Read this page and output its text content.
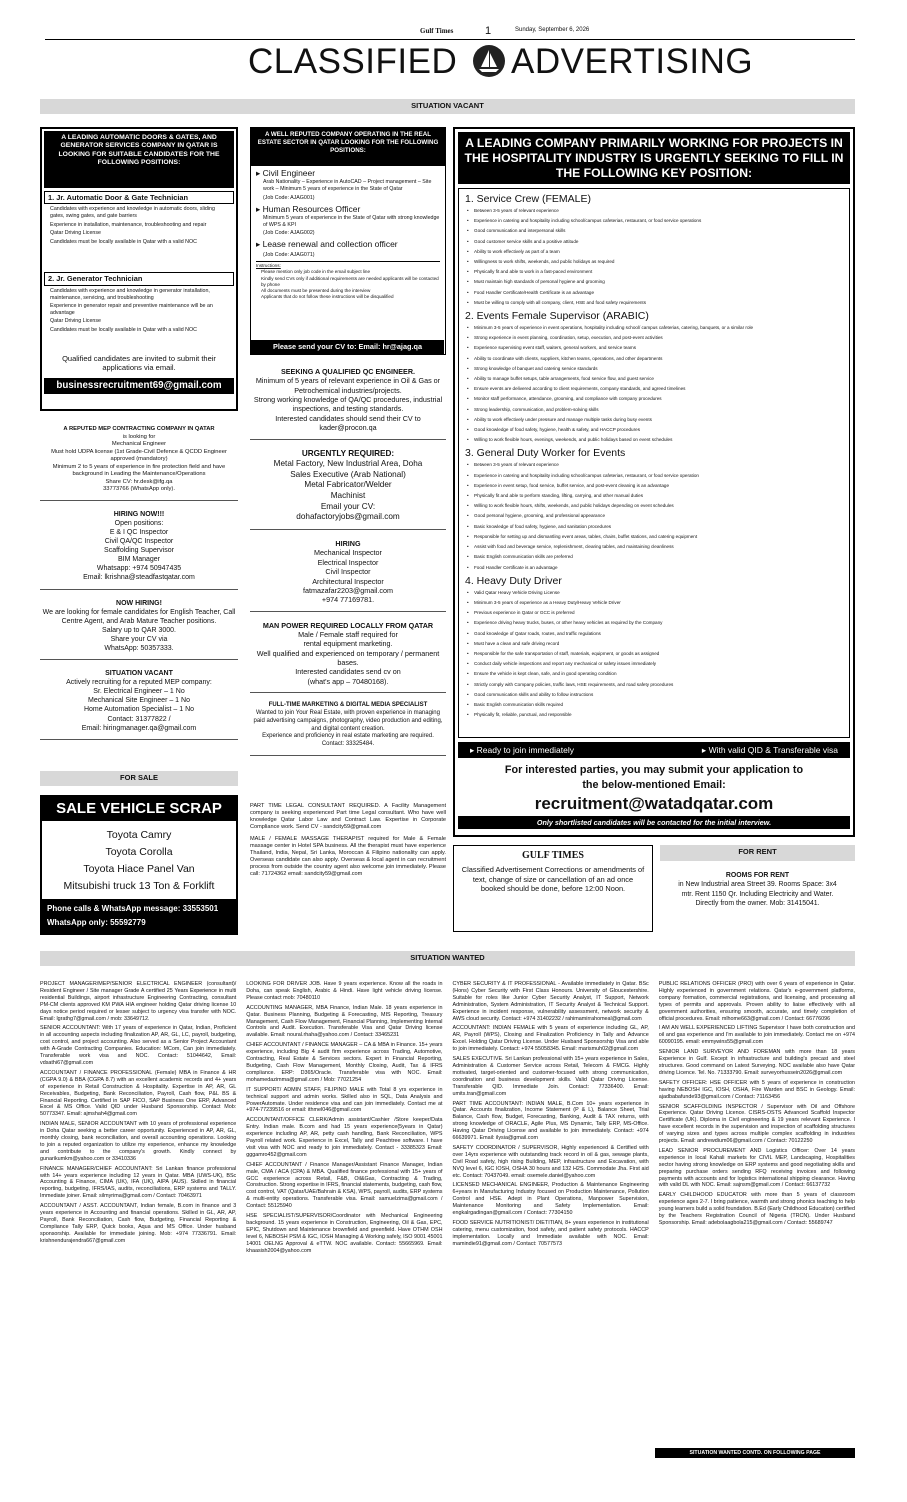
Gulf Times	1	Sunday, September 6, 2026
CLASSIFIED ADVERTISING
SITUATION VACANT
A LEADING AUTOMATIC DOORS & GATES, AND GENERATOR SERVICES COMPANY IN QATAR IS LOOKING FOR SUITABLE CANDIDATES FOR THE FOLLOWING POSITIONS:
1. Jr. Automatic Door & Gate Technician
Candidates with experience and knowledge in automatic doors, sliding gates, swing gates, and gate barriers
Experience in installation, maintenance, troubleshooting and repair
Qatar Driving License
Candidates must be locally available in Qatar with a valid NOC
2. Jr. Generator Technician
Candidates with experience and knowledge in generator installation, maintenance, servicing, and troubleshooting
Experience in generator repair and preventive maintenance will be an advantage
Qatar Driving License
Candidates must be locally available in Qatar with a valid NOC
Qualified candidates are invited to submit their applications via email.
businessrecruitment69@gmail.com
A REPUTED MEP CONTRACTING COMPANY IN QATAR
is looking for
Mechanical Engineer
Must hold UDPA license (1st Grade-Civil Defence & QCDD Engineer approved (mandatory)
Minimum 2 to 5 years of experience in fire protection field and have background in Leading the Maintenance/Operations
Share CV: hr.desk@ifg.qa
33773766 (WhatsApp only).
HIRING NOW!!!
Open positions:
E & I QC Inspector
Civil QA/QC Inspector
Scaffolding Supervisor
BIM Manager
Whatsapp: +974 50947435
Email: lkrishna@steadfastqatar.com
NOW HIRING!
We are looking for female candidates for English Teacher, Call Centre Agent, and Arab Mature Teacher positions.
Salary up to QAR 3000.
Share your CV via
WhatsApp: 50357333.
SITUATION VACANT
Actively recruiting for a reputed MEP company:
Sr. Electrical Engineer – 1 No
Mechanical Site Engineer – 1 No
Home Automation Specialist – 1 No
Contact: 31377822 /
Email: hiringmanager.qa@gmail.com
FOR SALE
SALE VEHICLE SCRAP
Toyota Camry
Toyota Corolla
Toyota Hiace Panel Van
Mitsubishi truck 13 Ton & Forklift
Phone calls & WhatsApp message: 33553501
WhatsApp only: 55592779
A WELL REPUTED COMPANY OPERATING IN THE REAL ESTATE SECTOR IN QATAR LOOKING FOR THE FOLLOWING POSITIONS:
▸ Civil Engineer
Arab Nationality – Experience in AutoCAD – Project management – Site work – Minimum 5 years of experience in the State of Qatar
(Job Code: AJAG001)
▸ Human Resources Officer
Minimum 5 years of experience in the State of Qatar with strong knowledge of WPS & KPI
(Job Code: AJAG002)
▸ Lease renewal and collection officer
(Job Code: AJAG071)
Instructions:
Please mention only job code in the email subject line
Kindly send CVs only if additional requirements are needed applicants will be contacted by phone
All documents must be presented during the interview
Applicants that do not follow these instructions will be disqualified
Please send your CV to: Email: hr@ajag.qa
SEEKING A QUALIFIED QC ENGINEER.
Minimum of 5 years of relevant experience in Oil & Gas or Petrochemical industries/projects.
Strong working knowledge of QA/QC procedures, industrial inspections, and testing standards.
Interested candidates should send their CV to kader@procon.qa
URGENTLY REQUIRED:
Metal Factory, New Industrial Area, Doha
Sales Executive (Arab National)
Metal Fabricator/Welder
Machinist
Email your CV:
dohafactoryjobs@gmail.com
HIRING
Mechanical Inspector
Electrical Inspector
Civil Inspector
Architectural Inspector
fatmazafar2203@gmail.com
+974 77169781.
MAN POWER REQUIRED LOCALLY FROM QATAR
Male / Female staff required for
rental equipment marketing.
Well qualified and experienced on temporary / permanent bases.
Interested candidates send cv on
(what's app – 70480168).
FULL-TIME MARKETING & DIGITAL MEDIA SPECIALIST
Wanted to join Your Real Estate, with proven experience in managing paid advertising campaigns, photography, video production and editing, and digital content creation.
Experience and proficiency in real estate marketing are required.
Contact: 33325484.

PART TIME LEGAL CONSULTANT REQUIRED. A Facility Management company is seeking experienced Part time Legal consultant. Who have well knowledge Qatar Labor Law and Contract Law. Expertise in Corporate Compliance work. Send CV - sandcity59@gmail.com

MALE / FEMALE MASSAGE THERAPIST required for Male & Female massage center in Hotel SPA business. All the therapist must have experience Thailand, India, Nepal, Sri Lanka, Moroccan & Filipino nationality can apply. Overseas candidate can also apply. Overseas & local agent in can recruitment process from outside the country agent also welcome join immediately. Please call: 71724362 email: sandcity59@gmail.com

A LEADING COMPANY PRIMARILY WORKING FOR PROJECTS IN THE HOSPITALITY INDUSTRY IS URGENTLY SEEKING TO FILL IN THE FOLLOWING KEY POSITION:
1. Service Crew (FEMALE)
• Between 3-5 years of relevant experience
• Experience in catering and hospitality including school/campus cafeterias, restaurant, or food service operations
• Good communication and interpersonal skills
• Good customer service skills and a positive attitude
• Ability to work effectively as part of a team
• Willingness to work shifts, weekends, and public holidays as required
• Physically fit and able to work in a fast-paced environment
• Must maintain high standards of personal hygiene and grooming
• Food Handler Certificate/Health Certificate is an advantage
• Must be willing to comply with all company, client, HSE and food safety requirements
2. Events Female Supervisor (ARABIC)
• Minimum 3-5 years of experience in event operations, hospitality including school/ campus cafeterias, catering, banquets, or a similar role
• Strong experience in event planning, coordination, setup, execution, and post-event activities
• Experience supervising event staff, waiters, general workers, and service teams
• Ability to coordinate with clients, suppliers, kitchen teams, operations, and other departments
• Strong knowledge of banquet and catering service standards
• Ability to manage buffet setups, table arrangements, food service flow, and guest service
• Ensure events are delivered according to client requirements, company standards, and agreed timelines
• Monitor staff performance, attendance, grooming, and compliance with company procedures
• Strong leadership, communication, and problem-solving skills
• Ability to work effectively under pressure and manage multiple tasks during busy events
• Good knowledge of food safety, hygiene, health & safety, and HACCP procedures
• Willing to work flexible hours, evenings, weekends, and public holidays based on event schedules
3. General Duty Worker for Events
• Between 3-5 years of relevant experience
• Experience in catering and hospitality including school/campus cafeterias, restaurant, or food service operation
• Experience in event setup, food service, buffet service, and post-event cleaning is an advantage
• Physically fit and able to perform standing, lifting, carrying, and other manual duties
• Willing to work flexible hours, shifts, weekends, and public holidays depending on event schedules
• Good personal hygiene, grooming, and professional appearance
• Basic knowledge of food safety, hygiene, and sanitation procedures
• Responsible for setting up and dismantling event areas, tables, chairs, buffet stations, and catering equipment
• Assist with food and beverage service, replenishment, clearing tables, and maintaining cleanliness
• Basic English communication skills are preferred
• Food Handler Certificate is an advantage
4. Heavy Duty Driver
• Valid Qatar Heavy Vehicle Driving License
• Minimum 3-5 years of experience as a Heavy Duty/Heavy Vehicle Driver
• Previous experience in Qatar or GCC is preferred
• Experience driving heavy trucks, buses, or other heavy vehicles as required by the Company
• Good knowledge of Qatar roads, routes, and traffic regulations
• Must have a clean and safe driving record
• Responsible for the safe transportation of staff, materials, equipment, or goods as assigned
• Conduct daily vehicle inspections and report any mechanical or safety issues immediately
• Ensure the vehicle is kept clean, safe, and in good operating condition
• Strictly comply with Company policies, traffic laws, HSE requirements, and road safety procedures
• Good communication skills and ability to follow instructions
• Basic English communication skills required
• Physically fit, reliable, punctual, and responsible
▸ Ready to join immediately	▸ With valid QID & Transferable visa
For interested parties, you may submit your application to the below-mentioned Email:
recruitment@watadqatar.com
Only shortlisted candidates will be contacted for the initial interview.
GULF TIMES
Classified Advertisement Corrections or amendments of text, change of size or cancellation of an ad once booked should be done, before 12:00 Noon.
FOR RENT
ROOMS FOR RENT
in New Industrial area Street 39. Rooms Space: 3x4 mtr. Rent 1150 Qr. Including Electricity and Water. Directly from the owner. Mob: 31415041.
SITUATION WANTED

PROJECT MANAGER/MEP/SENIOR ELECTRICAL ENGINEER (consultant)/ Resident Engineer / Site manager Grade A certified 25 Years Experience in multi residential Buildings, airport infrastructure Engineering Contracting, consultant PM-CM clients approved KM PWA HIA engineer holding Qatar driving license 10 days notice period required or lesser subject to urgency visa transfer with NOC. Email: lgrathg7@gmail.com / mob: 33649712.

SENIOR ACCOUNTANT: With 17 years of experience in Qatar, Indian, Proficient in all accounting aspects including finalization AP, AR, GL, LC, payroll, budgeting, cost control, and project accounting. Also served as a Senior Project Accountant with A-Grade Contracting Companies. Education: MCom, Can join immediately. Transferable work visa and NOC. Contact: 51044642, Email: vdsathi67@gmail.com

ACCOUNTANT / FINANCE PROFESSIONAL (Female) MBA in Finance & HR (CGPA 9.0) & BBA (CGPA 8.7) with an excellent academic records and 4+ years of experience in Retail Construction & Hospitality. Expertise in AP, AR, GL Receivables, Budgeting, Bank Reconciliation, Payroll, Cash flow, P&L BS & Financial Reporting. Certified in SAP FICO, SAP Business One ERP, Advanced Excel & MS Office. Valid QID under Husband Sponsorship. Contact Mob: 50773347. Email: ajmshah4@gmail.com

INDIAN MALE, SENIOR ACCOUNTANT with 10 years of professional experience in Doha Qatar seeking a better career opportunity. Experienced in AP, AR, GL, monthly closing, bank reconciliation, and overall accounting operations. Looking to join a reputed organization to utilize my experience, enhance my knowledge and contribute to the company's growth. Kindly connect by gunarikumkm@yahoo.com or 33410336

FINANCE MANAGER/CHIEF ACCOUNTANT: Sri Lankan finance professional with 14+ years experience including 12 years in Qatar. MBA (UWS-UK), BSc Accounting & Finance, CIMA (UK), IFA (UK), AIPA (AUS). Skilled in financial reporting, budgeting, IFRS/IAS, audits, reconciliations, ERP systems and TALLY. Immediate joiner. Email: silmyrima@gmail.com / Contact: 70463971

ACCOUNTANT / ASST. ACCOUNTANT, Indian female, B.com in finance and 3 years experience in Accounting and financial operations. Skilled in GL, AR, AP, Payroll, Bank Reconciliation, Cash flow, Budgeting, Financial Reporting & Compliance Tally ERP, Quick books, Aqua and MS Office. Under husband sponsorship. Available for immediate joining. Mob: +974 77336791. Email: krishnendurajendra667@gmail.com

LOOKING FOR DRIVER JOB. Have 9 years experience. Know all the roads in Doha, can speak English, Arabic & Hindi. Have light vehicle driving license. Please contact mob: 70480110

ACCOUNTING MANAGER, MBA Finance, Indian Male. 18 years experience in Qatar. Business Planning, Budgeting & Forecasting, MIS Reporting, Treasury Management, Cash Flow Management, Financial Planning, Implementing Internal Controls and Audit. Execution. Transferable Visa and Qatar Driving license available. Email: noural.rhaha@yahoo.com / Contact: 33465231

CHIEF ACCOUNTANT / FINANCE MANAGER – CA & MBA in Finance. 15+ years experience, including Big 4 audit firm experience across Trading, Automotive, Contracting, Real Estate & Services sectors. Expert in Financial Reporting, Budgeting, Cash Flow Management, Monthly Closing, Audit, Tax & IFRS compliance. ERP: D365/Oracle. Transferable visa with NOC. Email: mohamedazimma@gmail.com / Mob: 77021254

IT SUPPORT/ ADMIN STAFF, FILIPINO MALE with Total 8 yrs experience in technical support and admin works. Skilled also in SQL, Data Analysis and PowerAutomate. Under residence visa and can join immediately. Contact me at +974-77239516 or email: ithmel046@gmail.com

ACCOUNTANT/OFFICE CLERK/Admin assistant/Cashier /Store keeper/Data Entry. Indian male. B.com and had 15 years experience(5years in Qatar) experience including AP, AR, petty cash handling, Bank Reconciliation, WPS Payroll related work. Experience in Excel, Tally and Peachtree software. I have visit visa with NOC and ready to join immediately. Contact - 33385323 Email: gggamro452@gmail.com

CHIEF ACCOUNTANT / Finance Manager/Assistant Finance Manager, Indian male, CMA / ACA (CPA) & MBA. Qualified finance professional with 15+ years of GCC experience across Retail, F&B, Oil&Gas, Contracting & Trading, Construction. Strong expertise in IFRS, financial statements, budgeting, cash flow, cost control, VAT (Qatar/UAE/Bahrain & KSA), WPS, payroll, audits, ERP systems & multi-entity operations. Transferable visa. Email: samuelzima@gmail.com / Contact: 55125940

HSE SPECIALIST/SUPERVISOR/Coordinator with Mechanical Engineering background. 15 years experience in Construction, Engineering, Oil & Gas, EPC, EPIC, Shutdown and Maintenance brownfield and greenfield. Have OTHM OSH level 6, NEBOSH PSM & IGC, IOSH Managing & Working safely, ISO 9001 45001 14001 OELNG Approval & eTTW. NOC available. Contact: 55665969. Email: khaasish2004@yahoo.com

CYBER SECURITY & IT PROFESSIONAL - Available immediately in Qatar. BSc (Hons) Cyber Security with First Class Honours. University of Gloucestershire. Suitable for roles like Junior Cyber Security Analyst, IT Support, Network Administration, System Administration, IT Security Analyst & Technical Support. Experience in incident response, vulnerability assessment, network security & AWS cloud security. Contact: +974 31402232 / rahimamirrahomeal@gmail.com

ACCOUNTANT: INDIAN FEMALE with 5 years of experience including GL, AP, AR, Payroll (WPS), Closing and Finalization Proficiency in Tally and Advance Excel. Holding Qatar Driving License. Under Husband Sponsorship Visa and able to join immediately. Contact: +974 55058345. Email: marismuh02@gmail.com

SALES EXECUTIVE. Sri Lankan professional with 15+ years experience in Sales, Administration & Customer Service across Retail, Telecom & FMCG. Highly motivated, target-oriented and customer-focused with strong communication, coordination and business development skills. Valid Qatar Driving License. Transferable QID. Immediate Join. Contact: 77336400. Email: umits.tran@gmail.com

PART TIME ACCOUNTANT: INDIAN MALE, B.Com 10+ years experience in Qatar. Accounts finalization, Income Statement (P & L), Balance Sheet, Trial Balance, Cash flow, Budget, Forecasting, Banking, Audit & TAX returns, with strong knowledge of ORACLE, Agile Plus, MS Dynamic, Tally ERP, MS-Office. Having Qatar Driving License and available to join immediately. Contact: +974 66639971. Email: ilysia@gmail.com

SAFETY COORDINATOR / SUPERVISOR, Highly experienced & Certified with over 14yrs experience with outstanding track record in oil & gas, sewage plants, Civil Road safety, high rising Building, MEP, infrastructure and Excavation, with NVQ level 6, IGC IOSH, OSHA 30 hours and 132 H2S. Commodate Jha. First aid etc. Contact: 70437049. email: osemele.daniel@yahoo.com

LICENSED MECHANICAL ENGINEER, Production & Maintenance Engineering 6+years in Manufacturing Industry focused on Production Maintenance, Pollution Control and HSE. Adept in Plant Operations, Manpower Supervision, Maintenance Monitoring and Safety Implementation. Email: engkalrgadingan@gmail.com / Contact: 77304150

FOOD SERVICE NUTRITIONIST/ DIETITIAN, 8+ years experience in institutional catering, menu customization, food safety, and patient safety protocols. HACCP implementation. Locally and Immediate available with NOC. Email: mamindie91@gmail.com / Contact: 70577573

PUBLIC RELATIONS OFFICER (PRO) with over 6 years of experience in Qatar. Highly experienced in government relations. Qatar's e-government platforms, company formation, commercial registrations, and licensing, and processing all types of permits and approvals. Proven ability to liaise effectively with all government authorities, ensuring smooth, accurate, and timely completion of official procedures. Email: mlhome663@gmail.com / Contact: 66776096

I AM AN WELL EXPERIENCED LIFTING Supervisor I have both construction and oil and gas experience and I'm available to join immediately. Contact me on +974 60090195. email: emmywins55@gmail.com

SENIOR LAND SURVEYOR AND FOREMAN with more than 18 years Experience in Gulf. Except in infrastructure and building's precast and steel structures. Good command on Latest Surveying. NOC available also have Qatar driving Licence. Tel. No. 71333790. Email: surveyorhussein2026@gmail.com

SAFETY OFFICER: HSE OFFICER with 5 years of experience in construction having NEBOSH IGC, IOSH, OSHA, Fire Warden and BSC in Geology. Email: ajadbabafunde93@gmail.com / Contact: 71163456

SENIOR SCAFFOLDING INSPECTOR / Supervisor with Oil and Offshore Experience. Qatar Driving Licence. CISRS-OSTS Advanced Scaffold Inspector Certificate (UK). Diploma in Civil engineering & 19 years relevant Experience. I have excellent records in the supervision and inspection of scaffolding structures of varying sizes and types across multiple complex scaffolding in industries projects. Email: andrewdium06@gmail.com / Contact: 70122250

LEAD SENIOR PROCUREMENT AND Logistics Officer: Over 14 years experience in local Kahali markets for CIVIL MEP, Landscaping, Hospitalities sector having strong knowledge on ERP systems and good negotiating skills and preparing purchase orders sending RFQ receiving invoices and following payments with accounts and for logistics international shipping clearance. Having with valid DL with NOC. Email: sajnsm@gmail.com / Contact: 66137732

EARLY CHILDHOOD EDUCATOR with more than 5 years of classroom experience ages 2-7. I bring patience, warmth and strong phonics teaching to help young learners build a solid foundation. B.Ed (Early Childhood Education) certified by the Teachers Registration Council of Nigeria (TRCN). Under Husband Sponsorship. Email: adebolaagbola215@gmail.com / Contact: 55689747

SITUATION WANTED CONTD. ON FOLLOWING PAGE
